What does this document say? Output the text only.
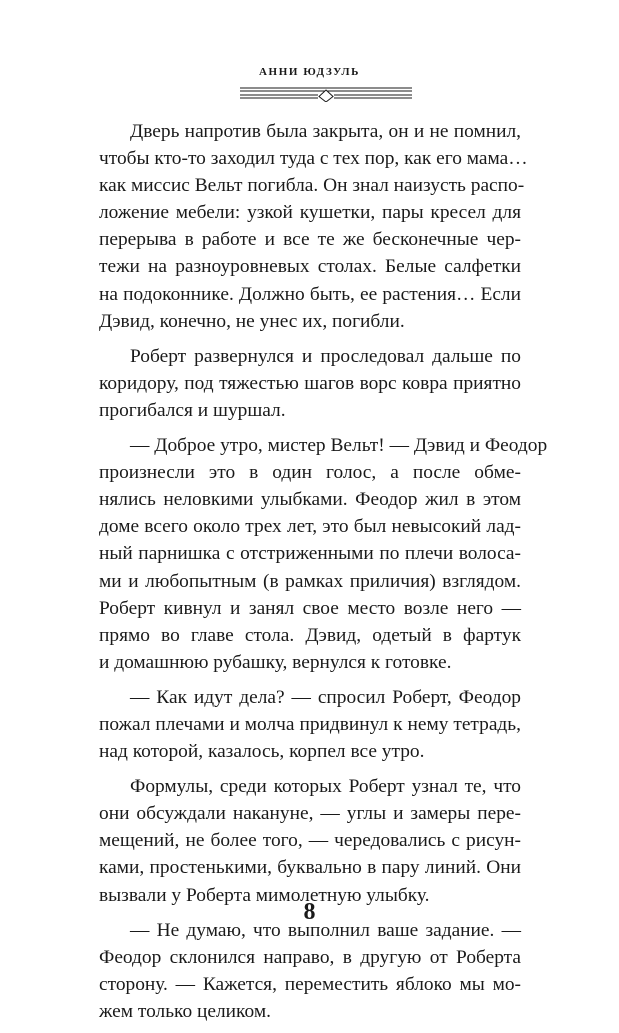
АННИ ЮДЗУЛЬ

Дверь напротив была закрыта, он и не помнил,
чтобы кто-то заходил туда с тех пор, как его мама…
как миссис Вельт погибла. Он знал наизусть распо-
ложение мебели: узкой кушетки, пары кресел для
перерыва в работе и все те же бесконечные чер-
тежи на разноуровневых столах. Белые салфетки
на подоконнике. Должно быть, ее растения… Если
Дэвид, конечно, не унес их, погибли.

Роберт развернулся и проследовал дальше по
коридору, под тяжестью шагов ворс ковра приятно
прогибался и шуршал.

— Доброе утро, мистер Вельт! — Дэвид и Феодор
произнесли это в один голос, а после обме-
нялись неловкими улыбками. Феодор жил в этом
доме всего около трех лет, это был невысокий лад-
ный парнишка с отстриженными по плечи волоса-
ми и любопытным (в рамках приличия) взглядом.
Роберт кивнул и занял свое место возле него —
прямо во главе стола. Дэвид, одетый в фартук
и домашнюю рубашку, вернулся к готовке.

— Как идут дела? — спросил Роберт, Феодор
пожал плечами и молча придвинул к нему тетрадь,
над которой, казалось, корпел все утро.

Формулы, среди которых Роберт узнал те, что
они обсуждали накануне, — углы и замеры пере-
мещений, не более того, — чередовались с рисун-
ками, простенькими, буквально в пару линий. Они
вызвали у Роберта мимолетную улыбку.

— Не думаю, что выполнил ваше задание. —
Феодор склонился направо, в другую от Роберта
сторону. — Кажется, переместить яблоко мы мо-
жем только целиком.

8
